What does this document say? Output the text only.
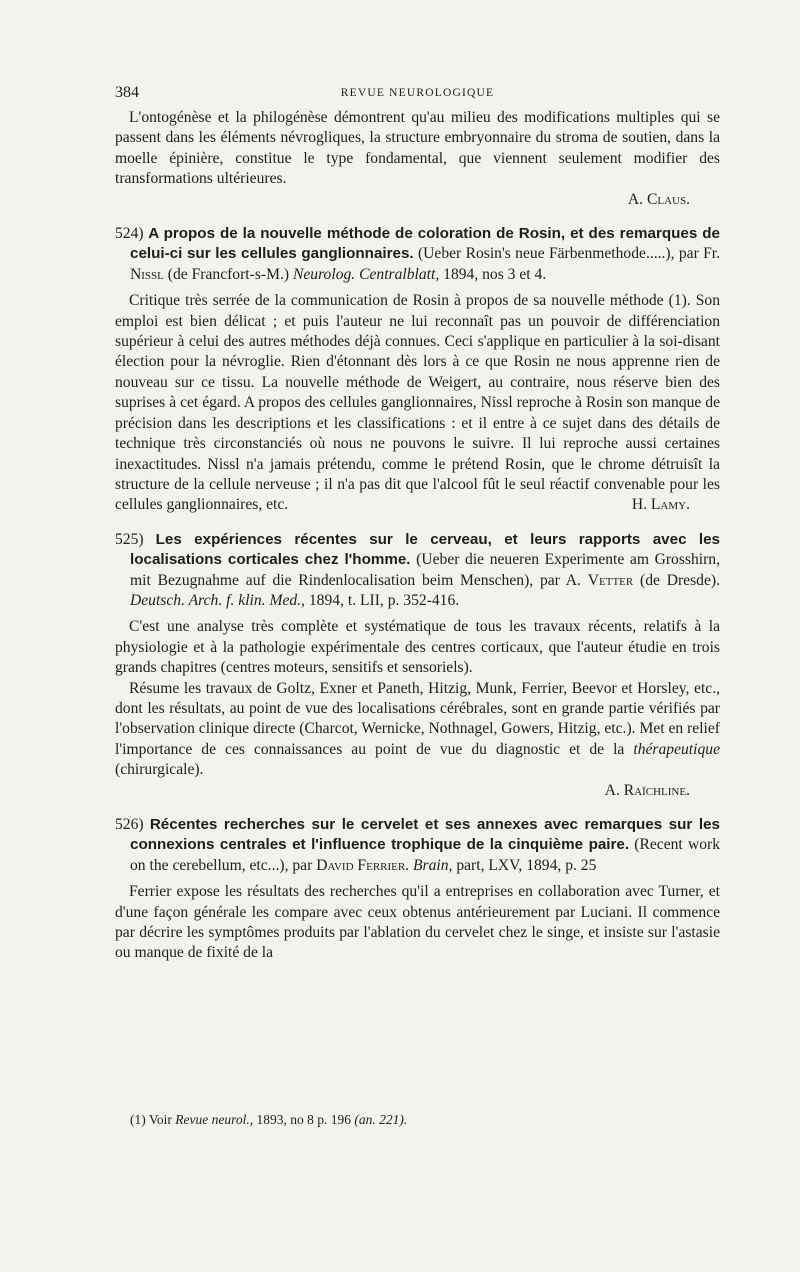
384	REVUE NEUROLOGIQUE

L'ontogénèse et la philogénèse démontrent qu'au milieu des modifications multiples qui se passent dans les éléments névrogliques, la structure embryonnaire du stroma de soutien, dans la moelle épinière, constitue le type fondamental, que viennent seulement modifier des transformations ultérieures.

A. Claus.
524) A propos de la nouvelle méthode de coloration de Rosin, et des remarques de celui-ci sur les cellules ganglionnaires. (Ueber Rosin's neue Färbenmethode.....), par Fr. Nissl (de Francfort-s-M.) Neurolog. Centralblatt, 1894, nos 3 et 4.

Critique très serrée de la communication de Rosin à propos de sa nouvelle méthode (1). Son emploi est bien délicat ; et puis l'auteur ne lui reconnaît pas un pouvoir de différenciation supérieur à celui des autres méthodes déjà connues. Ceci s'applique en particulier à la soi-disant élection pour la névroglie. Rien d'étonnant dès lors à ce que Rosin ne nous apprenne rien de nouveau sur ce tissu. La nouvelle méthode de Weigert, au contraire, nous réserve bien des suprises à cet égard. A propos des cellules ganglionnaires, Nissl reproche à Rosin son manque de précision dans les descriptions et les classifications : et il entre à ce sujet dans des détails de technique très circonstanciés où nous ne pouvons le suivre. Il lui reproche aussi certaines inexactitudes. Nissl n'a jamais prétendu, comme le prétend Rosin, que le chrome détruisît la structure de la cellule nerveuse ; il n'a pas dit que l'alcool fût le seul réactif convenable pour les cellules ganglionnaires, etc.	H. Lamy.

525) Les expériences récentes sur le cerveau, et leurs rapports avec les localisations corticales chez l'homme. (Ueber die neueren Experimente am Grosshirn, mit Bezugnahme auf die Rindenlocalisation beim Menschen), par A. Vetter (de Dresde). Deutsch. Arch. f. klin. Med., 1894, t. LII, p. 352-416.

C'est une analyse très complète et systématique de tous les travaux récents, relatifs à la physiologie et à la pathologie expérimentale des centres corticaux, que l'auteur étudie en trois grands chapitres (centres moteurs, sensitifs et sensoriels).

Résume les travaux de Goltz, Exner et Paneth, Hitzig, Munk, Ferrier, Beevor et Horsley, etc., dont les résultats, au point de vue des localisations cérébrales, sont en grande partie vérifiés par l'observation clinique directe (Charcot, Wernicke, Nothnagel, Gowers, Hitzig, etc.). Met en relief l'importance de ces connaissances au point de vue du diagnostic et de la thérapeutique (chirurgicale).

A. Raïchline.
526) Récentes recherches sur le cervelet et ses annexes avec remarques sur les connexions centrales et l'influence trophique de la cinquième paire. (Recent work on the cerebellum, etc...), par David Ferrier. Brain, part, LXV, 1894, p. 25

Ferrier expose les résultats des recherches qu'il a entreprises en collaboration avec Turner, et d'une façon générale les compare avec ceux obtenus antérieurement par Luciani. Il commence par décrire les symptômes produits par l'ablation du cervelet chez le singe, et insiste sur l'astasie ou manque de fixité de la

(1) Voir Revue neurol., 1893, no 8 p. 196 (an. 221).
